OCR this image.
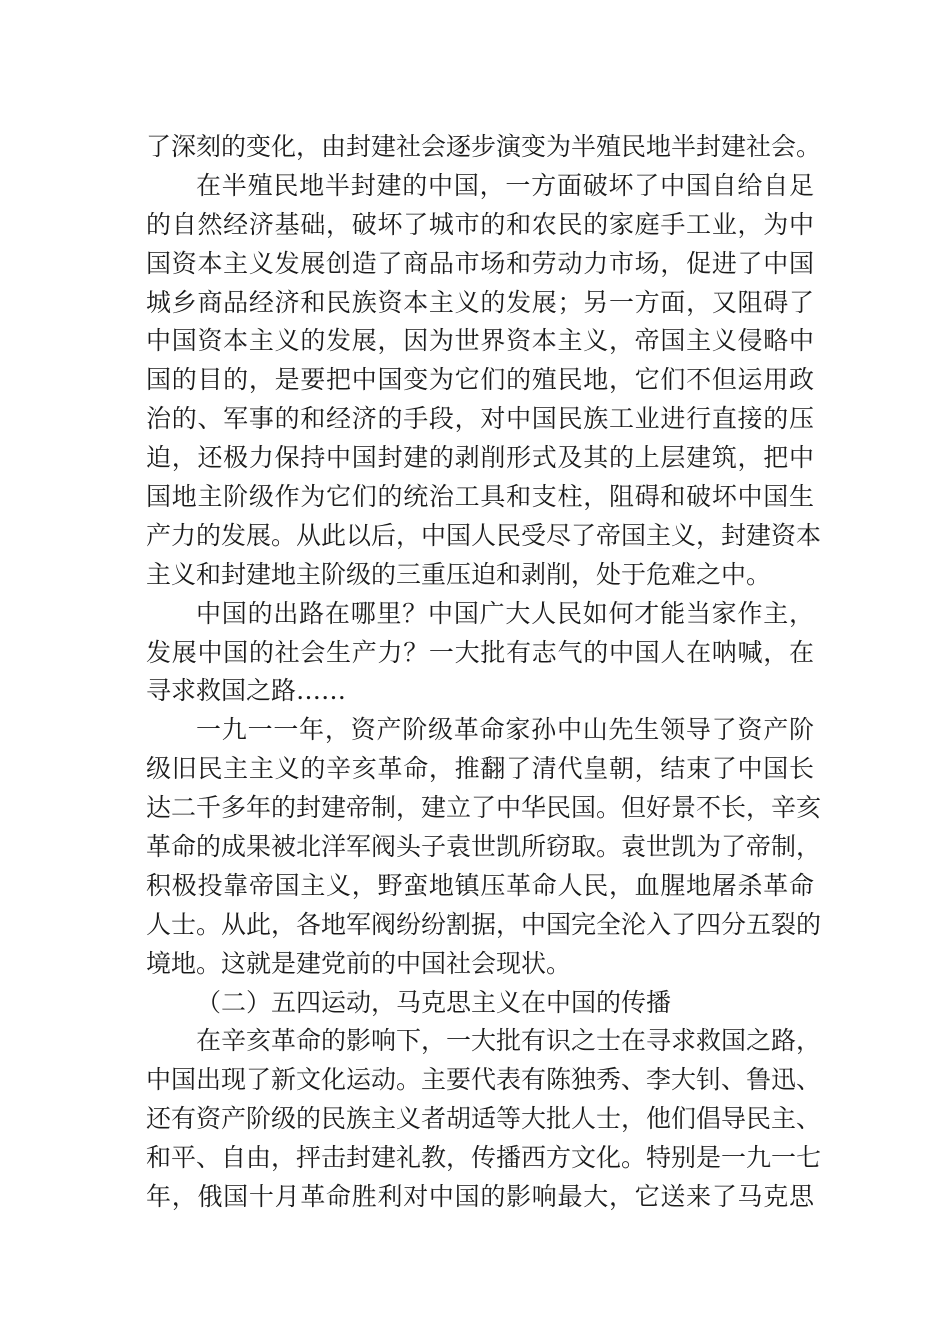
了深刻的变化，由封建社会逐步演变为半殖民地半封建社会。
在半殖民地半封建的中国，一方面破坏了中国自给自足
的自然经济基础，破坏了城市的和农民的家庭手工业，为中
国资本主义发展创造了商品市场和劳动力市场，促进了中国
城乡商品经济和民族资本主义的发展；另一方面，又阻碍了
中国资本主义的发展，因为世界资本主义，帝国主义侵略中
国的目的，是要把中国变为它们的殖民地，它们不但运用政
治的、军事的和经济的手段，对中国民族工业进行直接的压
迫，还极力保持中国封建的剥削形式及其的上层建筑，把中
国地主阶级作为它们的统治工具和支柱，阻碍和破坏中国生
产力的发展。从此以后，中国人民受尽了帝国主义，封建资本
主义和封建地主阶级的三重压迫和剥削，处于危难之中。
中国的出路在哪里？中国广大人民如何才能当家作主，
发展中国的社会生产力？一大批有志气的中国人在呐喊，在
寻求救国之路……
一九一一年，资产阶级革命家孙中山先生领导了资产阶
级旧民主主义的辛亥革命，推翻了清代皇朝，结束了中国长
达二千多年的封建帝制，建立了中华民国。但好景不长，辛亥
革命的成果被北洋军阀头子袁世凯所窃取。袁世凯为了帝制，
积极投靠帝国主义，野蛮地镇压革命人民，血腥地屠杀革命
人士。从此，各地军阀纷纷割据，中国完全沦入了四分五裂的
境地。这就是建党前的中国社会现状。
（二）五四运动，马克思主义在中国的传播
在辛亥革命的影响下，一大批有识之士在寻求救国之路，
中国出现了新文化运动。主要代表有陈独秀、李大钊、鲁迅、
还有资产阶级的民族主义者胡适等大批人士，他们倡导民主、
和平、自由，抨击封建礼教，传播西方文化。特别是一九一七
年，俄国十月革命胜利对中国的影响最大，它送来了马克思
